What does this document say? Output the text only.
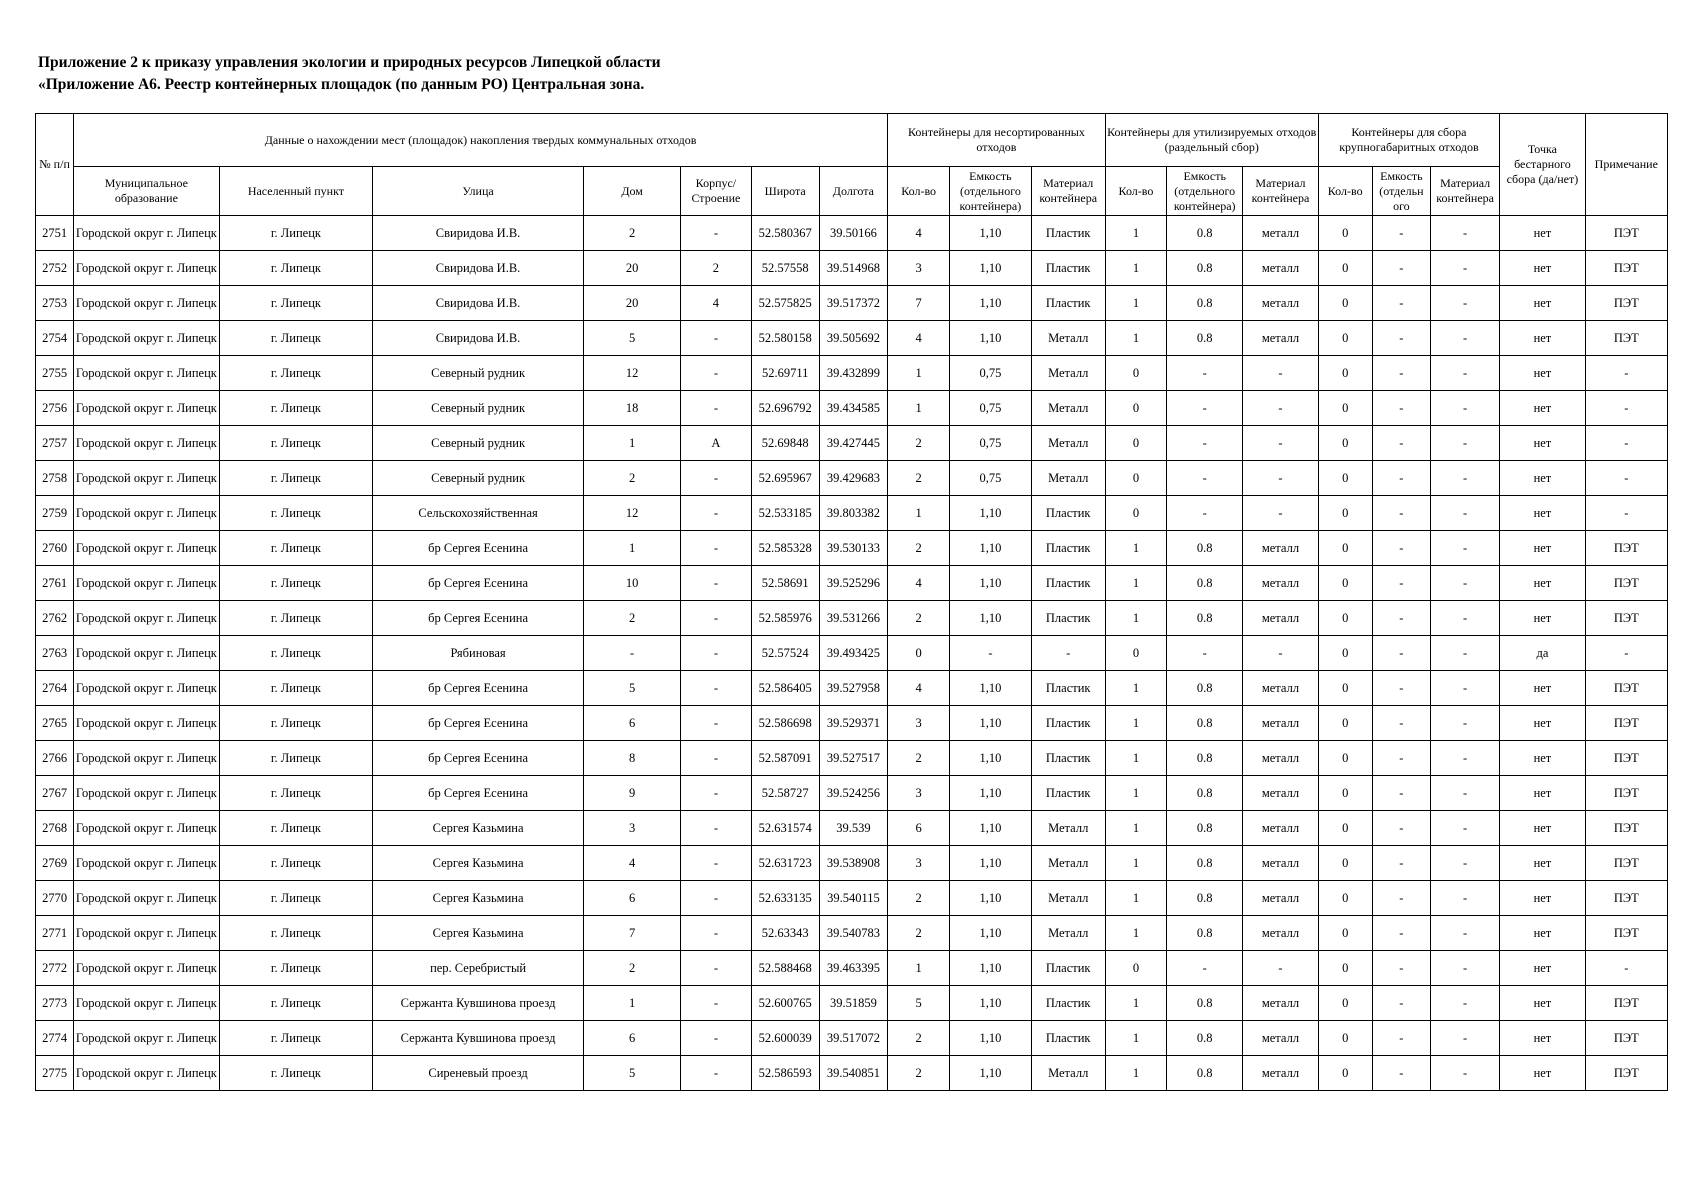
Приложение 2 к приказу управления экологии и природных ресурсов Липецкой области
«Приложение А6. Реестр контейнерных площадок (по данным РО) Центральная зона.
№ п/п	Данные о нахождении мест (площадок) накопления твердых коммунальных отходов							Контейнеры для несортированных отходов			Контейнеры для утилизируемых отходов (раздельный сбор)			Контейнеры для сбора крупногабаритных отходов			Точка бестарного сбора (да/нет)	Примечание
	Муниципальное образование	Населенный пункт	Улица	Дом	Корпус/ Строение	Широта	Долгота	Кол-во	Емкость (отдельного контейнера)	Материал контейнера	Кол-во	Емкость (отдельного контейнера)	Материал контейнера	Кол-во	Емкость (отдельн ого	Материал контейнера		
2751	Городской округ г. Липецк	г. Липецк	Свиридова И.В.	2	-	52.580367	39.50166	4	1,10	Пластик	1	0.8	металл	0	-	-	нет	ПЭТ
2752	Городской округ г. Липецк	г. Липецк	Свиридова И.В.	20	2	52.57558	39.514968	3	1,10	Пластик	1	0.8	металл	0	-	-	нет	ПЭТ
2753	Городской округ г. Липецк	г. Липецк	Свиридова И.В.	20	4	52.575825	39.517372	7	1,10	Пластик	1	0.8	металл	0	-	-	нет	ПЭТ
2754	Городской округ г. Липецк	г. Липецк	Свиридова И.В.	5	-	52.580158	39.505692	4	1,10	Металл	1	0.8	металл	0	-	-	нет	ПЭТ
2755	Городской округ г. Липецк	г. Липецк	Северный рудник	12	-	52.69711	39.432899	1	0,75	Металл	0	-	-	0	-	-	нет	-
2756	Городской округ г. Липецк	г. Липецк	Северный рудник	18	-	52.696792	39.434585	1	0,75	Металл	0	-	-	0	-	-	нет	-
2757	Городской округ г. Липецк	г. Липецк	Северный рудник	1	А	52.69848	39.427445	2	0,75	Металл	0	-	-	0	-	-	нет	-
2758	Городской округ г. Липецк	г. Липецк	Северный рудник	2	-	52.695967	39.429683	2	0,75	Металл	0	-	-	0	-	-	нет	-
2759	Городской округ г. Липецк	г. Липецк	Сельскохозяйственная	12	-	52.533185	39.803382	1	1,10	Пластик	0	-	-	0	-	-	нет	-
2760	Городской округ г. Липецк	г. Липецк	бр Сергея Есенина	1	-	52.585328	39.530133	2	1,10	Пластик	1	0.8	металл	0	-	-	нет	ПЭТ
2761	Городской округ г. Липецк	г. Липецк	бр Сергея Есенина	10	-	52.58691	39.525296	4	1,10	Пластик	1	0.8	металл	0	-	-	нет	ПЭТ
2762	Городской округ г. Липецк	г. Липецк	бр Сергея Есенина	2	-	52.585976	39.531266	2	1,10	Пластик	1	0.8	металл	0	-	-	нет	ПЭТ
2763	Городской округ г. Липецк	г. Липецк	Рябиновая	-	-	52.57524	39.493425	0	-	-	0	-	-	0	-	-	да	-
2764	Городской округ г. Липецк	г. Липецк	бр Сергея Есенина	5	-	52.586405	39.527958	4	1,10	Пластик	1	0.8	металл	0	-	-	нет	ПЭТ
2765	Городской округ г. Липецк	г. Липецк	бр Сергея Есенина	6	-	52.586698	39.529371	3	1,10	Пластик	1	0.8	металл	0	-	-	нет	ПЭТ
2766	Городской округ г. Липецк	г. Липецк	бр Сергея Есенина	8	-	52.587091	39.527517	2	1,10	Пластик	1	0.8	металл	0	-	-	нет	ПЭТ
2767	Городской округ г. Липецк	г. Липецк	бр Сергея Есенина	9	-	52.58727	39.524256	3	1,10	Пластик	1	0.8	металл	0	-	-	нет	ПЭТ
2768	Городской округ г. Липецк	г. Липецк	Сергея Казьмина	3	-	52.631574	39.539	6	1,10	Металл	1	0.8	металл	0	-	-	нет	ПЭТ
2769	Городской округ г. Липецк	г. Липецк	Сергея Казьмина	4	-	52.631723	39.538908	3	1,10	Металл	1	0.8	металл	0	-	-	нет	ПЭТ
2770	Городской округ г. Липецк	г. Липецк	Сергея Казьмина	6	-	52.633135	39.540115	2	1,10	Металл	1	0.8	металл	0	-	-	нет	ПЭТ
2771	Городской округ г. Липецк	г. Липецк	Сергея Казьмина	7	-	52.63343	39.540783	2	1,10	Металл	1	0.8	металл	0	-	-	нет	ПЭТ
2772	Городской округ г. Липецк	г. Липецк	пер. Серебристый	2	-	52.588468	39.463395	1	1,10	Пластик	0	-	-	0	-	-	нет	-
2773	Городской округ г. Липецк	г. Липецк	Сержанта Кувшинова проезд	1	-	52.600765	39.51859	5	1,10	Пластик	1	0.8	металл	0	-	-	нет	ПЭТ
2774	Городской округ г. Липецк	г. Липецк	Сержанта Кувшинова проезд	6	-	52.600039	39.517072	2	1,10	Пластик	1	0.8	металл	0	-	-	нет	ПЭТ
2775	Городской округ г. Липецк	г. Липецк	Сиреневый проезд	5	-	52.586593	39.540851	2	1,10	Металл	1	0.8	металл	0	-	-	нет	ПЭТ
